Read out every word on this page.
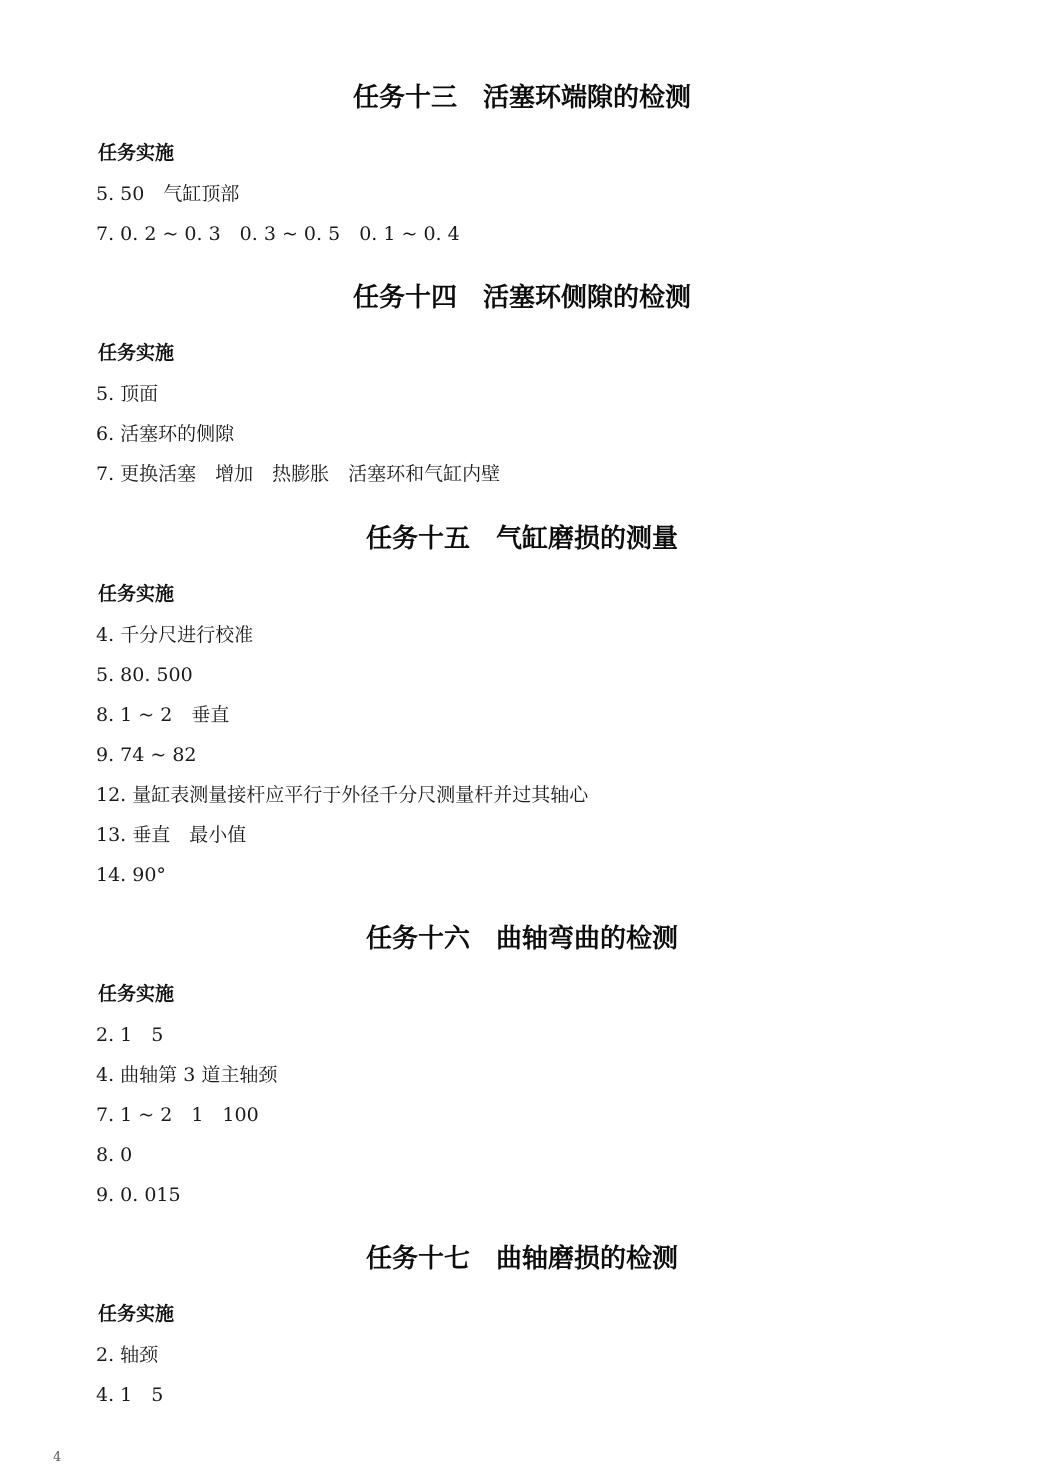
任务十三　活塞环端隙的检测
任务实施
5. 50　气缸顶部
7. 0. 2 ~ 0. 3　0. 3 ~ 0. 5　0. 1 ~ 0. 4
任务十四　活塞环侧隙的检测
任务实施
5. 顶面
6. 活塞环的侧隙
7. 更换活塞　增加　热膨胀　活塞环和气缸内壁
任务十五　气缸磨损的测量
任务实施
4. 千分尺进行校准
5. 80. 500
8. 1 ~ 2　垂直
9. 74 ~ 82
12. 量缸表测量接杆应平行于外径千分尺测量杆并过其轴心
13. 垂直　最小值
14. 90°
任务十六　曲轴弯曲的检测
任务实施
2. 1　5
4. 曲轴第 3 道主轴颈
7. 1 ~ 2　1　100
8. 0
9. 0. 015
任务十七　曲轴磨损的检测
任务实施
2. 轴颈
4. 1　5
4
